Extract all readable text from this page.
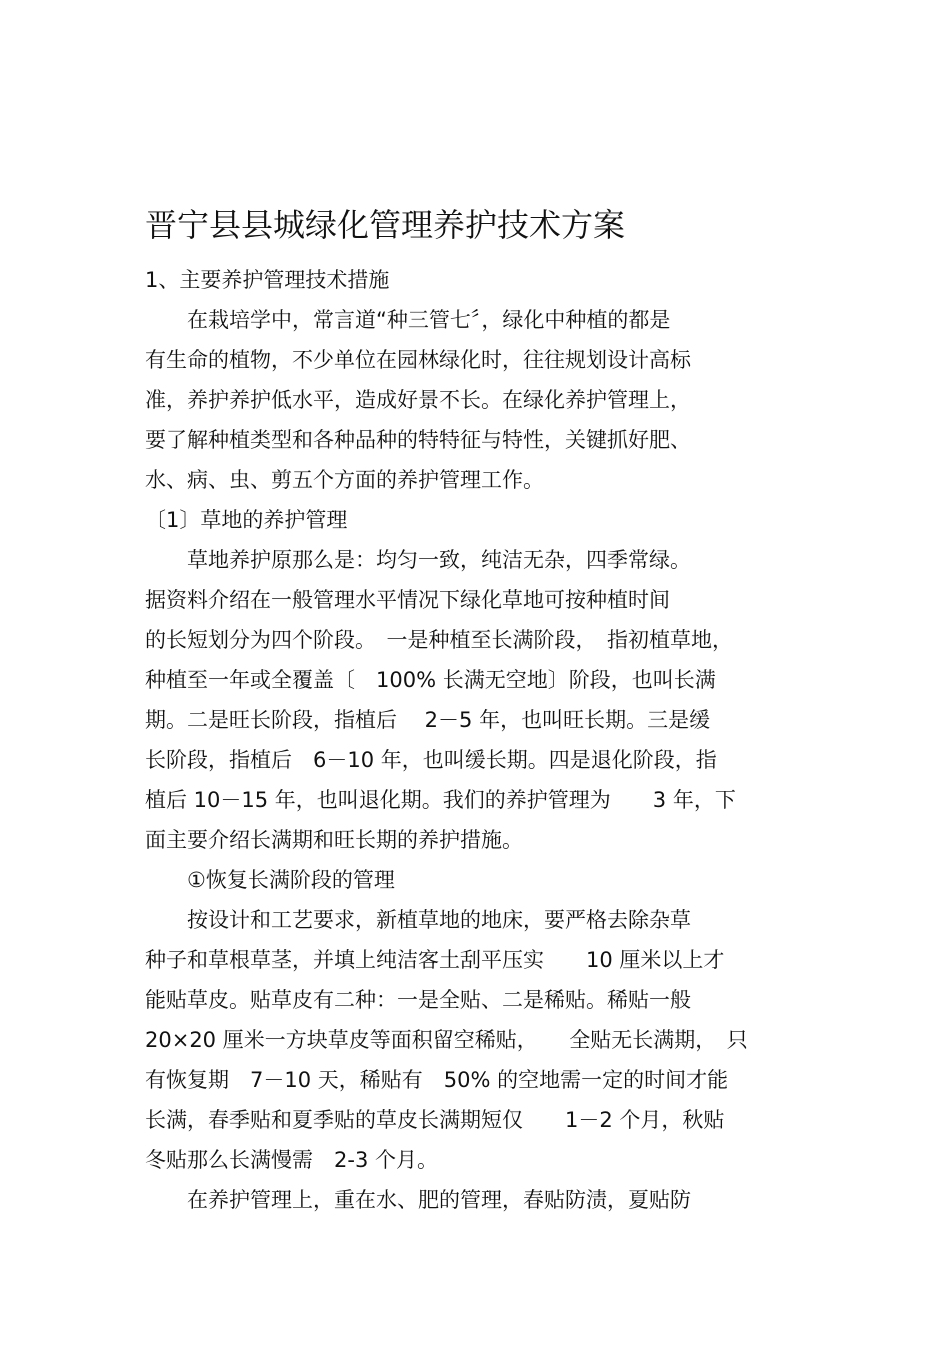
晋宁县县城绿化管理养护技术方案
1、主要养护管理技术措施
　　在栽培学中，常言道“种三管七〞，绿化中种植的都是
有生命的植物，不少单位在园林绿化时，往往规划设计高标
准，养护养护低水平，造成好景不长。在绿化养护管理上，
要了解种植类型和各种品种的特特征与特性，关键抓好肥、
水、病、虫、剪五个方面的养护管理工作。
〔1〕草地的养护管理
　　草地养护原那么是：均匀一致，纯洁无杂，四季常绿。
据资料介绍在一般管理水平情况下绿化草地可按种植时间
的长短划分为四个阶段。　一是种植至长满阶段，　指初植草地，
种植至一年或全覆盖〔　100% 长满无空地〕阶段，也叫长满
期。二是旺长阶段，指植后　 2－5 年，也叫旺长期。三是缓
长阶段，指植后　6－10 年，也叫缓长期。四是退化阶段，指
植后 10－15 年，也叫退化期。我们的养护管理为　　3 年，下
面主要介绍长满期和旺长期的养护措施。
　　①恢复长满阶段的管理
　　按设计和工艺要求，新植草地的地床，要严格去除杂草
种子和草根草茎，并填上纯洁客土刮平压实　　10 厘米以上才
能贴草皮。贴草皮有二种：一是全贴、二是稀贴。稀贴一般
20×20 厘米一方块草皮等面积留空稀贴，　　全贴无长满期，　只
有恢复期　7－10 天，稀贴有　50% 的空地需一定的时间才能
长满，春季贴和夏季贴的草皮长满期短仅　　1－2 个月，秋贴
冬贴那么长满慢需　2-3 个月。
　　在养护管理上，重在水、肥的管理，春贴防渍，夏贴防
